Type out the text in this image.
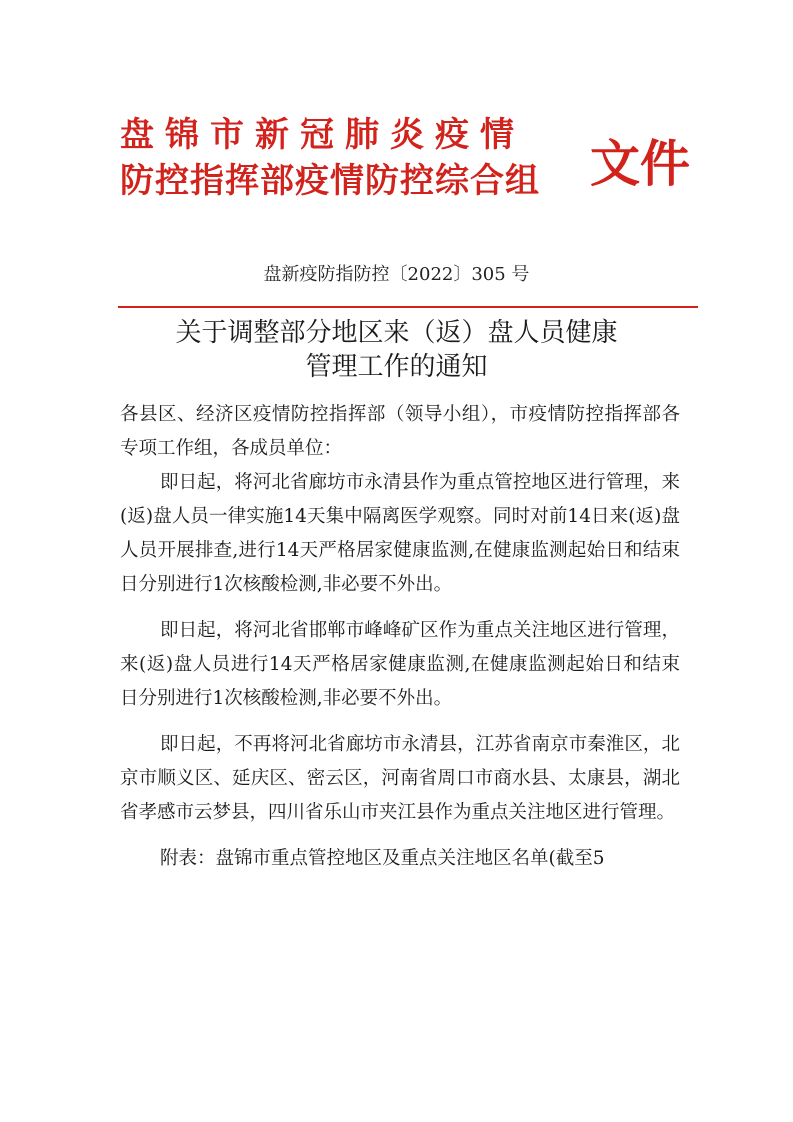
盘锦市新冠肺炎疫情
防控指挥部疫情防控综合组 文件
盘新疫防指防控〔2022〕305 号
关于调整部分地区来（返）盘人员健康
管理工作的通知

各县区、经济区疫情防控指挥部（领导小组），市疫情防控指挥部各专项工作组，各成员单位：

即日起，将河北省廊坊市永清县作为重点管控地区进行管理，来(返)盘人员一律实施14天集中隔离医学观察。同时对前14日来(返)盘人员开展排查,进行14天严格居家健康监测,在健康监测起始日和结束日分别进行1次核酸检测,非必要不外出。

即日起，将河北省邯郸市峰峰矿区作为重点关注地区进行管理，来(返)盘人员进行14天严格居家健康监测,在健康监测起始日和结束日分别进行1次核酸检测,非必要不外出。

即日起，不再将河北省廊坊市永清县，江苏省南京市秦淮区，北京市顺义区、延庆区、密云区，河南省周口市商水县、太康县，湖北省孝感市云梦县，四川省乐山市夹江县作为重点关注地区进行管理。

附表：盘锦市重点管控地区及重点关注地区名单(截至5
